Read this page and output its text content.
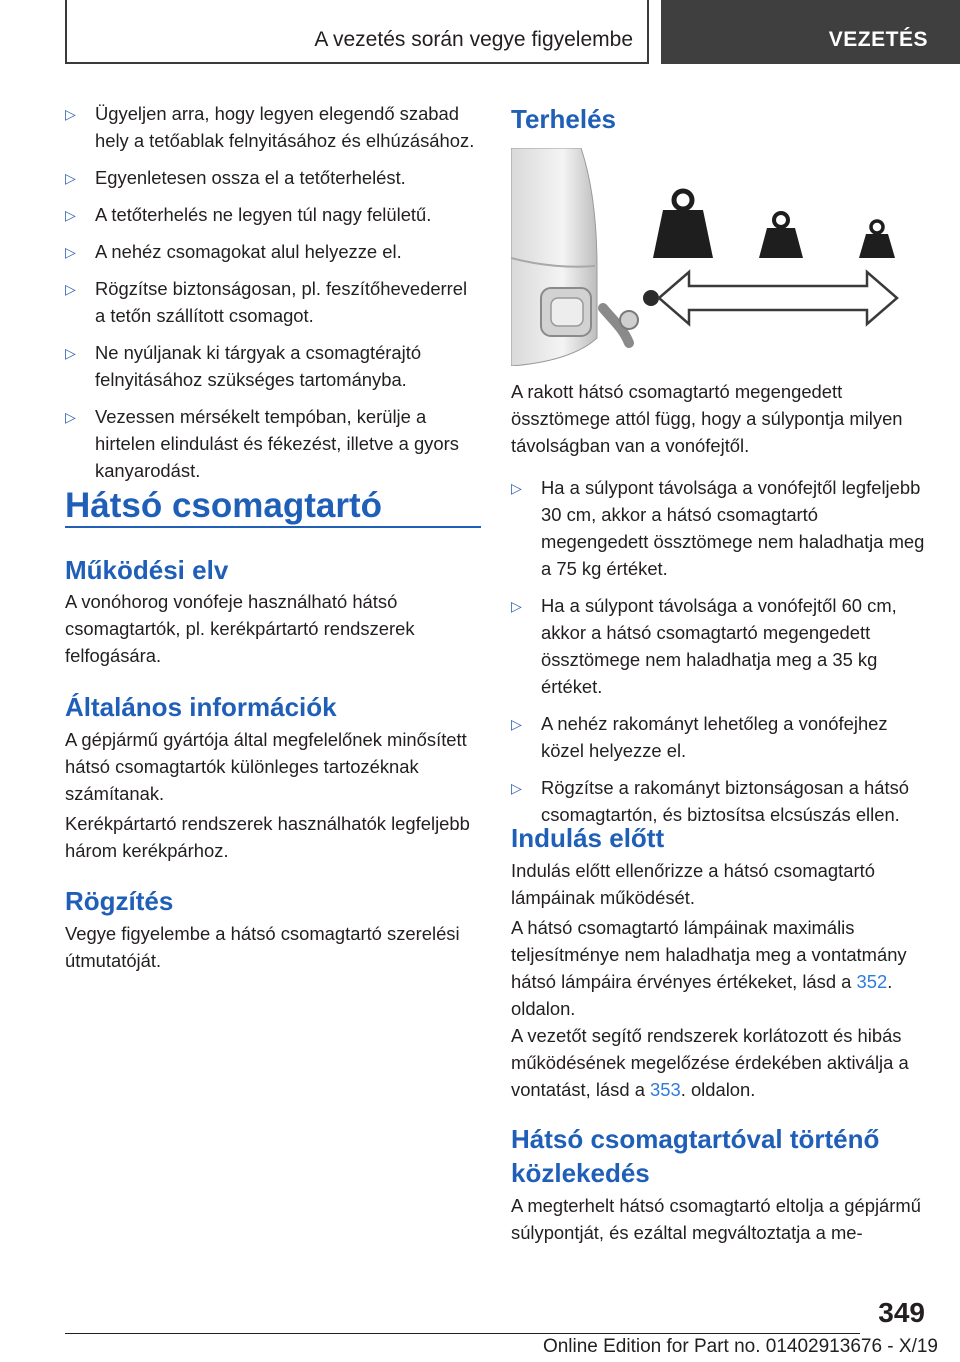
A vezetés során vegye figyelembe	VEZETÉS
▷ Ügyeljen arra, hogy legyen elegendő szabad hely a tetőablak felnyitásához és elhúzásához.
▷ Egyenletesen ossza el a tetőterhelést.
▷ A tetőterhelés ne legyen túl nagy felületű.
▷ A nehéz csomagokat alul helyezze el.
▷ Rögzítse biztonságosan, pl. feszítőhevederrel a tetőn szállított csomagot.
▷ Ne nyúljanak ki tárgyak a csomagtérajtó felnyitásához szükséges tartományba.
▷ Vezessen mérsékelt tempóban, kerülje a hirtelen elindulást és fékezést, illetve a gyors kanyarodást.
Hátsó csomagtartó
Működési elv
A vonóhorog vonófeje használható hátsó csomagtartók, pl. kerékpártartó rendszerek felfogására.
Általános információk
A gépjármű gyártója által megfelelőnek minősített hátsó csomagtartók különleges tartozéknak számítanak.
Kerékpártartó rendszerek használhatók legfeljebb három kerékpárhoz.
Rögzítés
Vegye figyelembe a hátsó csomagtartó szerelési útmutatóját.
Terhelés
A rakott hátsó csomagtartó megengedett össztömege attól függ, hogy a súlypontja milyen távolságban van a vonófejtől.
▷ Ha a súlypont távolsága a vonófejtől legfeljebb 30 cm, akkor a hátsó csomagtartó megengedett össztömege nem haladhatja meg a 75 kg értéket.
▷ Ha a súlypont távolsága a vonófejtől 60 cm, akkor a hátsó csomagtartó megengedett össztömege nem haladhatja meg a 35 kg értéket.
▷ A nehéz rakományt lehetőleg a vonófejhez közel helyezze el.
▷ Rögzítse a rakományt biztonságosan a hátsó csomagtartón, és biztosítsa elcsúszás ellen.
Indulás előtt
Indulás előtt ellenőrizze a hátsó csomagtartó lámpáinak működését.
A hátsó csomagtartó lámpáinak maximális teljesítménye nem haladhatja meg a vontatmány hátsó lámpáira érvényes értékeket, lásd a 352. oldalon.
A vezetőt segítő rendszerek korlátozott és hibás működésének megelőzése érdekében aktiválja a vontatást, lásd a 353. oldalon.
Hátsó csomagtartóval történő közlekedés
A megterhelt hátsó csomagtartó eltolja a gépjármű súlypontját, és ezáltal megváltoztatja a me-
349
Online Edition for Part no. 01402913676 - X/19
